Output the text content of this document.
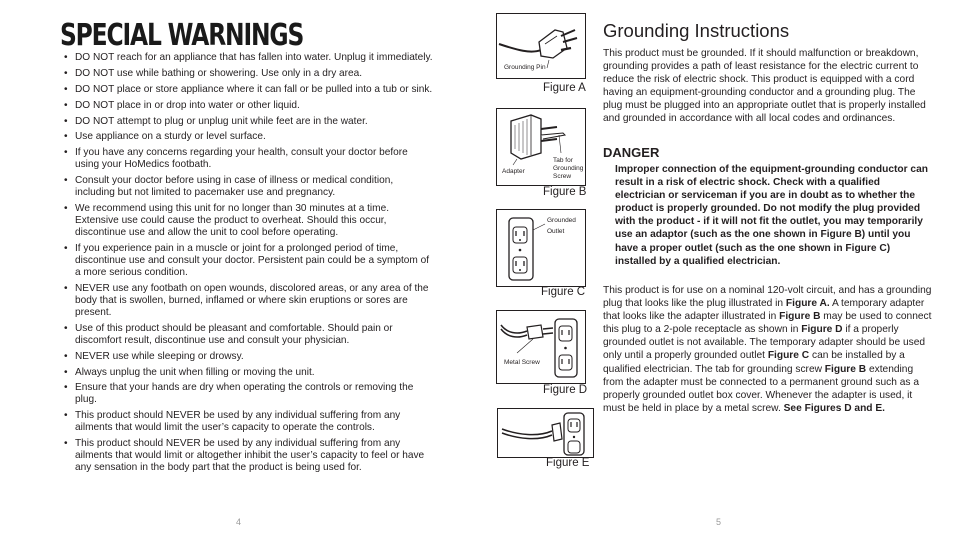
SPECIAL WARNINGS
• DO NOT reach for an appliance that has fallen into water. Unplug it immediately.
• DO NOT use while bathing or showering. Use only in a dry area.
• DO NOT place or store appliance where it can fall or be pulled into a tub or sink.
• DO NOT place in or drop into water or other liquid.
• DO NOT attempt to plug or unplug unit while feet are in the water.
• Use appliance on a sturdy or level surface.
• If you have any concerns regarding your health, consult your doctor before using your HoMedics footbath.
• Consult your doctor before using in case of illness or medical condition, including but not limited to pacemaker use and pregnancy.
• We recommend using this unit for no longer than 30 minutes at a time. Extensive use could cause the product to overheat. Should this occur, discontinue use and allow the unit to cool before operating.
• If you experience pain in a muscle or joint for a prolonged period of time, discontinue use and consult your doctor. Persistent pain could be a symptom of a more serious condition.
• NEVER use any footbath on open wounds, discolored areas, or any area of the body that is swollen, burned, inflamed or where skin eruptions or sores are present.
• Use of this product should be pleasant and comfortable. Should pain or discomfort result, discontinue use and consult your physician.
• NEVER use while sleeping or drowsy.
• Always unplug the unit when filling or moving the unit.
• Ensure that your hands are dry when operating the controls or removing the plug.
• This product should NEVER be used by any individual suffering from any ailments that would limit the user’s capacity to operate the controls.
• This product should NEVER be used by any individual suffering from any ailments that would limit or altogether inhibit the user’s capacity to feel or have any sensation in the body part that the product is being used for.
4
Grounding Pin
Figure A
Adapter
Tab for Grounding Screw
Figure B
Grounded Outlet
Figure C
Metal Screw
Figure D
Figure E
Grounding Instructions
This product must be grounded. If it should malfunction or breakdown, grounding provides a path of least resistance for the electric current to reduce the risk of electric shock. This product is equipped with a cord having an equipment-grounding conductor and a grounding plug. The plug must be plugged into an appropriate outlet that is properly installed and grounded in accordance with all local codes and ordinances.
DANGER
Improper connection of the equipment-grounding conductor can result in a risk of electric shock. Check with a qualified electrician or serviceman if you are in doubt as to whether the product is properly grounded. Do not modify the plug provided with the product - if it will not fit the outlet, you may temporarily use an adaptor (such as the one shown in Figure B) until you have a proper outlet (such as the one shown in Figure C) installed by a qualified electrician.
This product is for use on a nominal 120-volt circuit, and has a grounding plug that looks like the plug illustrated in Figure A. A temporary adapter that looks like the adapter illustrated in Figure B may be used to connect this plug to a 2-pole receptacle as shown in Figure D if a properly grounded outlet is not available. The temporary adapter should be used only until a properly grounded outlet Figure C can be installed by a qualified electrician. The tab for grounding screw Figure B extending from the adapter must be connected to a permanent ground such as a properly grounded outlet box cover. Whenever the adapter is used, it must be held in place by a metal screw. See Figures D and E.
5
